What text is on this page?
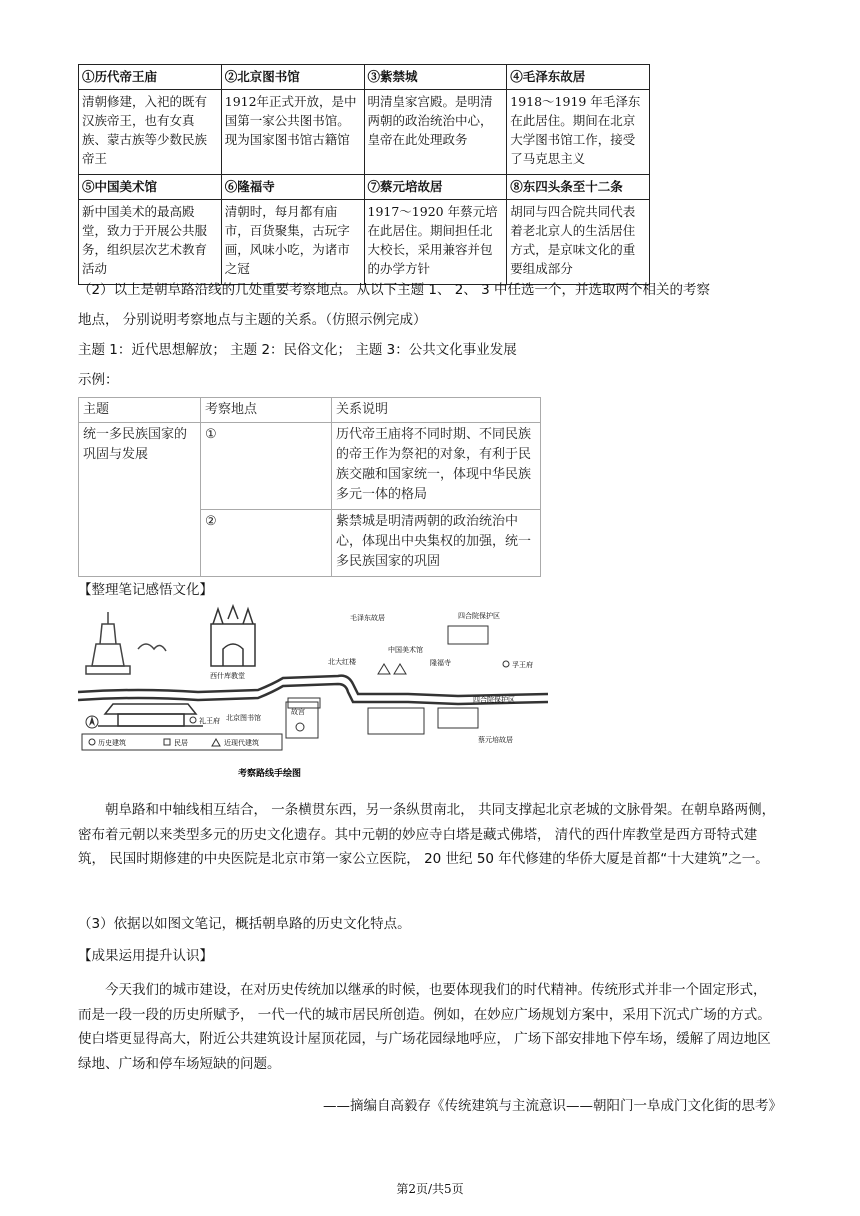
①历代帝王庙	②北京图书馆	③紫禁城	④毛泽东故居
清朝修建，入祀的既有汉族帝王，也有女真族、蒙古族等少数民族帝王	1912年正式开放，是中国第一家公共图书馆。现为国家图书馆古籍馆	明清皇家宫殿。是明清两朝的政治统治中心，皇帝在此处理政务	1918～1919 年毛泽东在此居住。期间在北京大学图书馆工作，接受了马克思主义
⑤中国美术馆	⑥隆福寺	⑦蔡元培故居	⑧东四头条至十二条
新中国美术的最高殿堂，致力于开展公共服务，组织层次艺术教育活动	清朝时，每月都有庙市，百货聚集，古玩字画，风味小吃，为诸市之冠	1917～1920 年蔡元培在此居住。期间担任北大校长，采用兼容并包的办学方针	胡同与四合院共同代表着老北京人的生活居住方式，是京味文化的重要组成部分
（2）以上是朝阜路沿线的几处重要考察地点。从以下主题 1、 2、 3 中任选一个，并选取两个相关的考察
地点， 分别说明考察地点与主题的关系。（仿照示例完成）
主题 1：近代思想解放； 主题 2：民俗文化； 主题 3：公共文化事业发展
示例：
主题	考察地点	关系说明
统一多民族国家的巩固与发展	①	历代帝王庙将不同时期、不同民族的帝王作为祭祀的对象，有利于民族交融和国家统一，体现中华民族多元一体的格局
	②	紫禁城是明清两朝的政治统治中心，体现出中央集权的加强，统一多民族国家的巩固
【整理笔记感悟文化】
西什库教堂
北京图书馆
故宫
礼王府
毛泽东故居	四合院保护区
中国美术馆
北大红楼	隆福寺
四合院保护区
孚王府
蔡元培故居
历史建筑	民居	近现代建筑
考察路线手绘图
朝阜路和中轴线相互结合， 一条横贯东西，另一条纵贯南北， 共同支撑起北京老城的文脉骨架。在朝阜路两侧， 密布着元朝以来类型多元的历史文化遗存。其中元朝的妙应寺白塔是藏式佛塔， 清代的西什库教堂是西方哥特式建筑， 民国时期修建的中央医院是北京市第一家公立医院， 20 世纪 50 年代修建的华侨大厦是首都“十大建筑”之一。
（3）依据以如图文笔记，概括朝阜路的历史文化特点。
【成果运用提升认识】
今天我们的城市建设，在对历史传统加以继承的时候，也要体现我们的时代精神。传统形式并非一个固定形式， 而是一段一段的历史所赋予， 一代一代的城市居民所创造。例如，在妙应广场规划方案中，采用下沉式广场的方式。使白塔更显得高大，附近公共建筑设计屋顶花园，与广场花园绿地呼应， 广场下部安排地下停车场，缓解了周边地区绿地、广场和停车场短缺的问题。
——摘编自高毅存《传统建筑与主流意识——朝阳门一阜成门文化街的思考》
第2页/共5页
